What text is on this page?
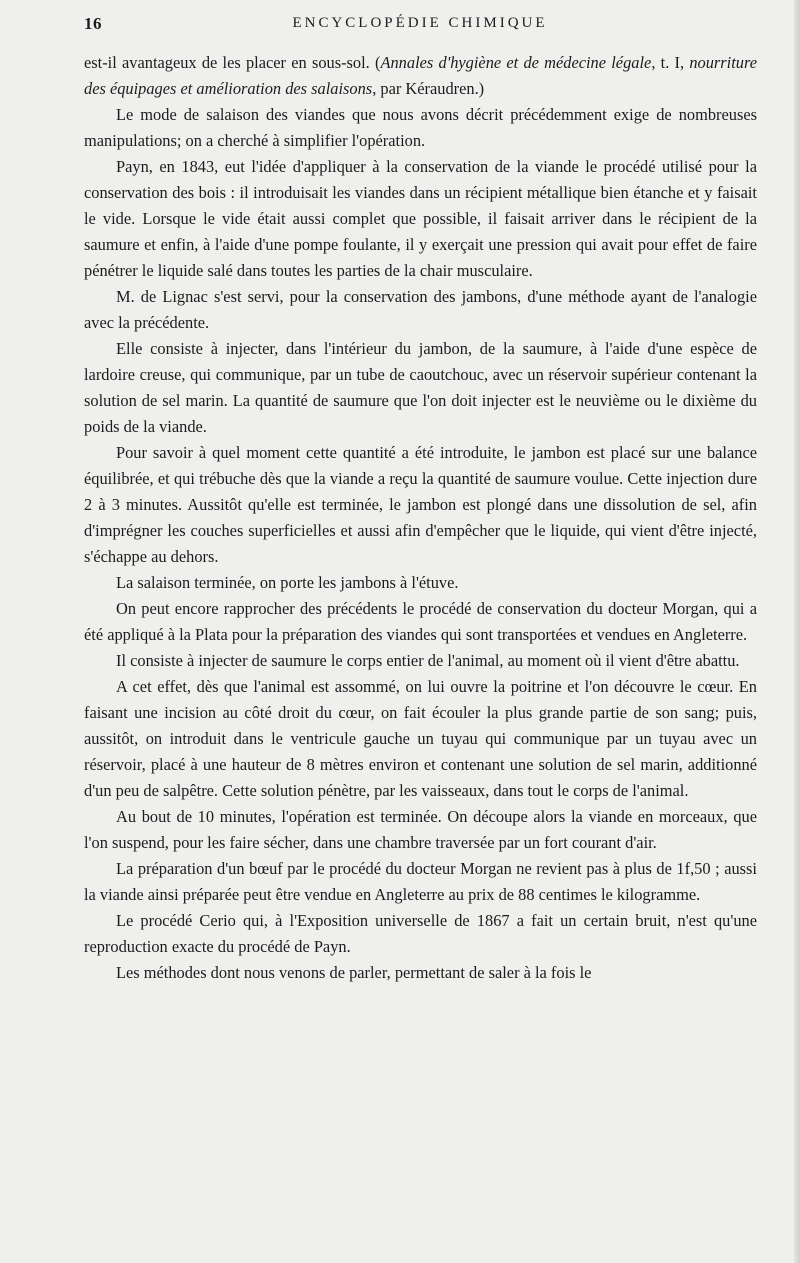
16	ENCYCLOPÉDIE CHIMIQUE

est-il avantageux de les placer en sous-sol. (Annales d'hygiène et de médecine légale, t. I, nourriture des équipages et amélioration des salaisons, par Kéraudren.)

Le mode de salaison des viandes que nous avons décrit précédemment exige de nombreuses manipulations; on a cherché à simplifier l'opération.

Payn, en 1843, eut l'idée d'appliquer à la conservation de la viande le procédé utilisé pour la conservation des bois : il introduisait les viandes dans un récipient métallique bien étanche et y faisait le vide. Lorsque le vide était aussi complet que possible, il faisait arriver dans le récipient de la saumure et enfin, à l'aide d'une pompe foulante, il y exerçait une pression qui avait pour effet de faire pénétrer le liquide salé dans toutes les parties de la chair musculaire.

M. de Lignac s'est servi, pour la conservation des jambons, d'une méthode ayant de l'analogie avec la précédente.

Elle consiste à injecter, dans l'intérieur du jambon, de la saumure, à l'aide d'une espèce de lardoire creuse, qui communique, par un tube de caoutchouc, avec un réservoir supérieur contenant la solution de sel marin. La quantité de saumure que l'on doit injecter est le neuvième ou le dixième du poids de la viande.

Pour savoir à quel moment cette quantité a été introduite, le jambon est placé sur une balance équilibrée, et qui trébuche dès que la viande a reçu la quantité de saumure voulue. Cette injection dure 2 à 3 minutes. Aussitôt qu'elle est terminée, le jambon est plongé dans une dissolution de sel, afin d'imprégner les couches superficielles et aussi afin d'empêcher que le liquide, qui vient d'être injecté, s'échappe au dehors.

La salaison terminée, on porte les jambons à l'étuve.

On peut encore rapprocher des précédents le procédé de conservation du docteur Morgan, qui a été appliqué à la Plata pour la préparation des viandes qui sont transportées et vendues en Angleterre.

Il consiste à injecter de saumure le corps entier de l'animal, au moment où il vient d'être abattu.

A cet effet, dès que l'animal est assommé, on lui ouvre la poitrine et l'on découvre le cœur. En faisant une incision au côté droit du cœur, on fait écouler la plus grande partie de son sang; puis, aussitôt, on introduit dans le ventricule gauche un tuyau qui communique par un tuyau avec un réservoir, placé à une hauteur de 8 mètres environ et contenant une solution de sel marin, additionné d'un peu de salpêtre. Cette solution pénètre, par les vaisseaux, dans tout le corps de l'animal.

Au bout de 10 minutes, l'opération est terminée. On découpe alors la viande en morceaux, que l'on suspend, pour les faire sécher, dans une chambre traversée par un fort courant d'air.

La préparation d'un bœuf par le procédé du docteur Morgan ne revient pas à plus de 1f,50 ; aussi la viande ainsi préparée peut être vendue en Angleterre au prix de 88 centimes le kilogramme.

Le procédé Cerio qui, à l'Exposition universelle de 1867 a fait un certain bruit, n'est qu'une reproduction exacte du procédé de Payn.

Les méthodes dont nous venons de parler, permettant de saler à la fois le
